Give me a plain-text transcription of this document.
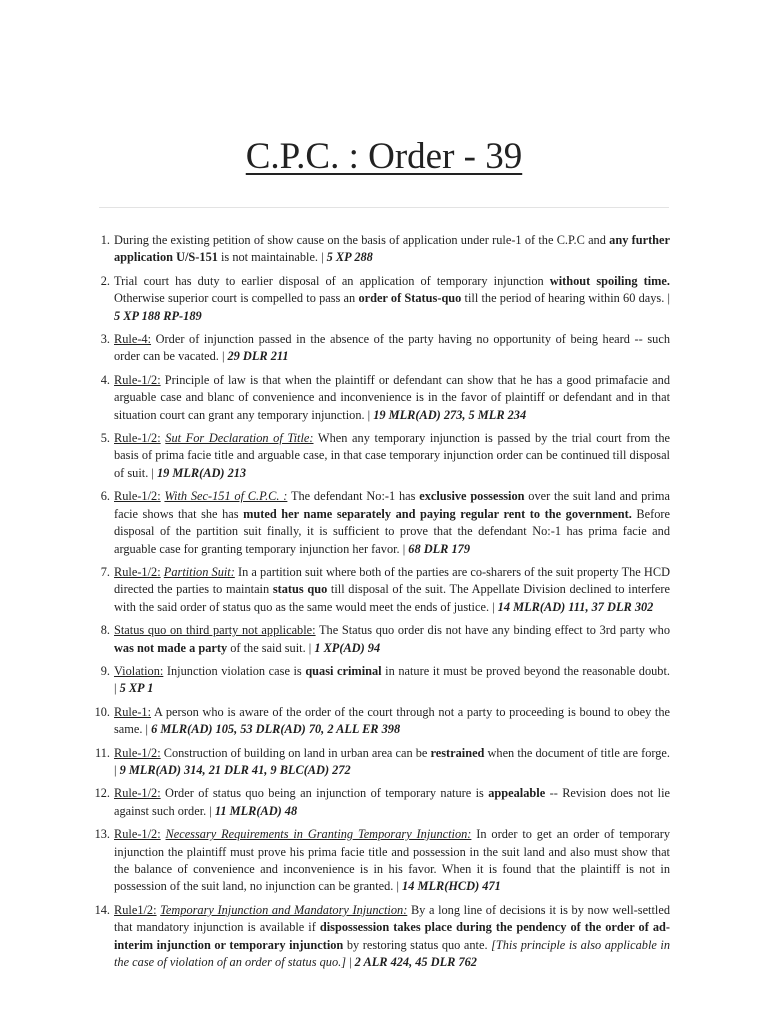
C.P.C. : Order - 39
1. During the existing petition of show cause on the basis of application under rule-1 of the C.P.C and any further application U/S-151 is not maintainable. | 5 XP 288
2. Trial court has duty to earlier disposal of an application of temporary injunction without spoiling time. Otherwise superior court is compelled to pass an order of Status-quo till the period of hearing within 60 days. | 5 XP 188 RP-189
3. Rule-4: Order of injunction passed in the absence of the party having no opportunity of being heard -- such order can be vacated. | 29 DLR 211
4. Rule-1/2: Principle of law is that when the plaintiff or defendant can show that he has a good primafacie and arguable case and blanc of convenience and inconvenience is in the favor of plaintiff or defendant and in that situation court can grant any temporary injunction. | 19 MLR(AD) 273, 5 MLR 234
5. Rule-1/2: Sut For Declaration of Title: When any temporary injunction is passed by the trial court from the basis of prima facie title and arguable case, in that case temporary injunction order can be continued till disposal of suit. | 19 MLR(AD) 213
6. Rule-1/2: With Sec-151 of C.P.C. : The defendant No:-1 has exclusive possession over the suit land and prima facie shows that she has muted her name separately and paying regular rent to the government. Before disposal of the partition suit finally, it is sufficient to prove that the defendant No:-1 has prima facie and arguable case for granting temporary injunction her favor. | 68 DLR 179
7. Rule-1/2: Partition Suit: In a partition suit where both of the parties are co-sharers of the suit property The HCD directed the parties to maintain status quo till disposal of the suit. The Appellate Division declined to interfere with the said order of status quo as the same would meet the ends of justice. | 14 MLR(AD) 111, 37 DLR 302
8. Status quo on third party not applicable: The Status quo order dis not have any binding effect to 3rd party who was not made a party of the said suit. | 1 XP(AD) 94
9. Violation: Injunction violation case is quasi criminal in nature it must be proved beyond the reasonable doubt.       | 5 XP 1
10. Rule-1: A person who is aware of the order of the court through not a party to proceeding is bound to obey the same. | 6 MLR(AD) 105, 53 DLR(AD) 70, 2 ALL ER 398
11. Rule-1/2: Construction of building on land in urban area can be restrained when the document of title are forge.    | 9 MLR(AD) 314, 21 DLR 41, 9 BLC(AD) 272
12. Rule-1/2: Order of status quo being an injunction of temporary nature is appealable -- Revision does not lie against such order. | 11 MLR(AD) 48
13. Rule-1/2: Necessary Requirements in Granting Temporary Injunction: In order to get an order of temporary injunction the plaintiff must prove his prima facie title and possession in the suit land and also must show that the balance of convenience and inconvenience is in his favor. When it is found that the plaintiff is not in possession of the suit land, no injunction can be granted. | 14 MLR(HCD) 471
14. Rule1/2: Temporary Injunction and Mandatory Injunction: By a long line of decisions it is by now well-settled that mandatory injunction is available if dispossession takes place during the pendency of the order of ad-interim injunction or temporary injunction by restoring status quo ante. [This principle is also applicable in the case of violation of an order of status quo.] | 2 ALR 424, 45 DLR 762
